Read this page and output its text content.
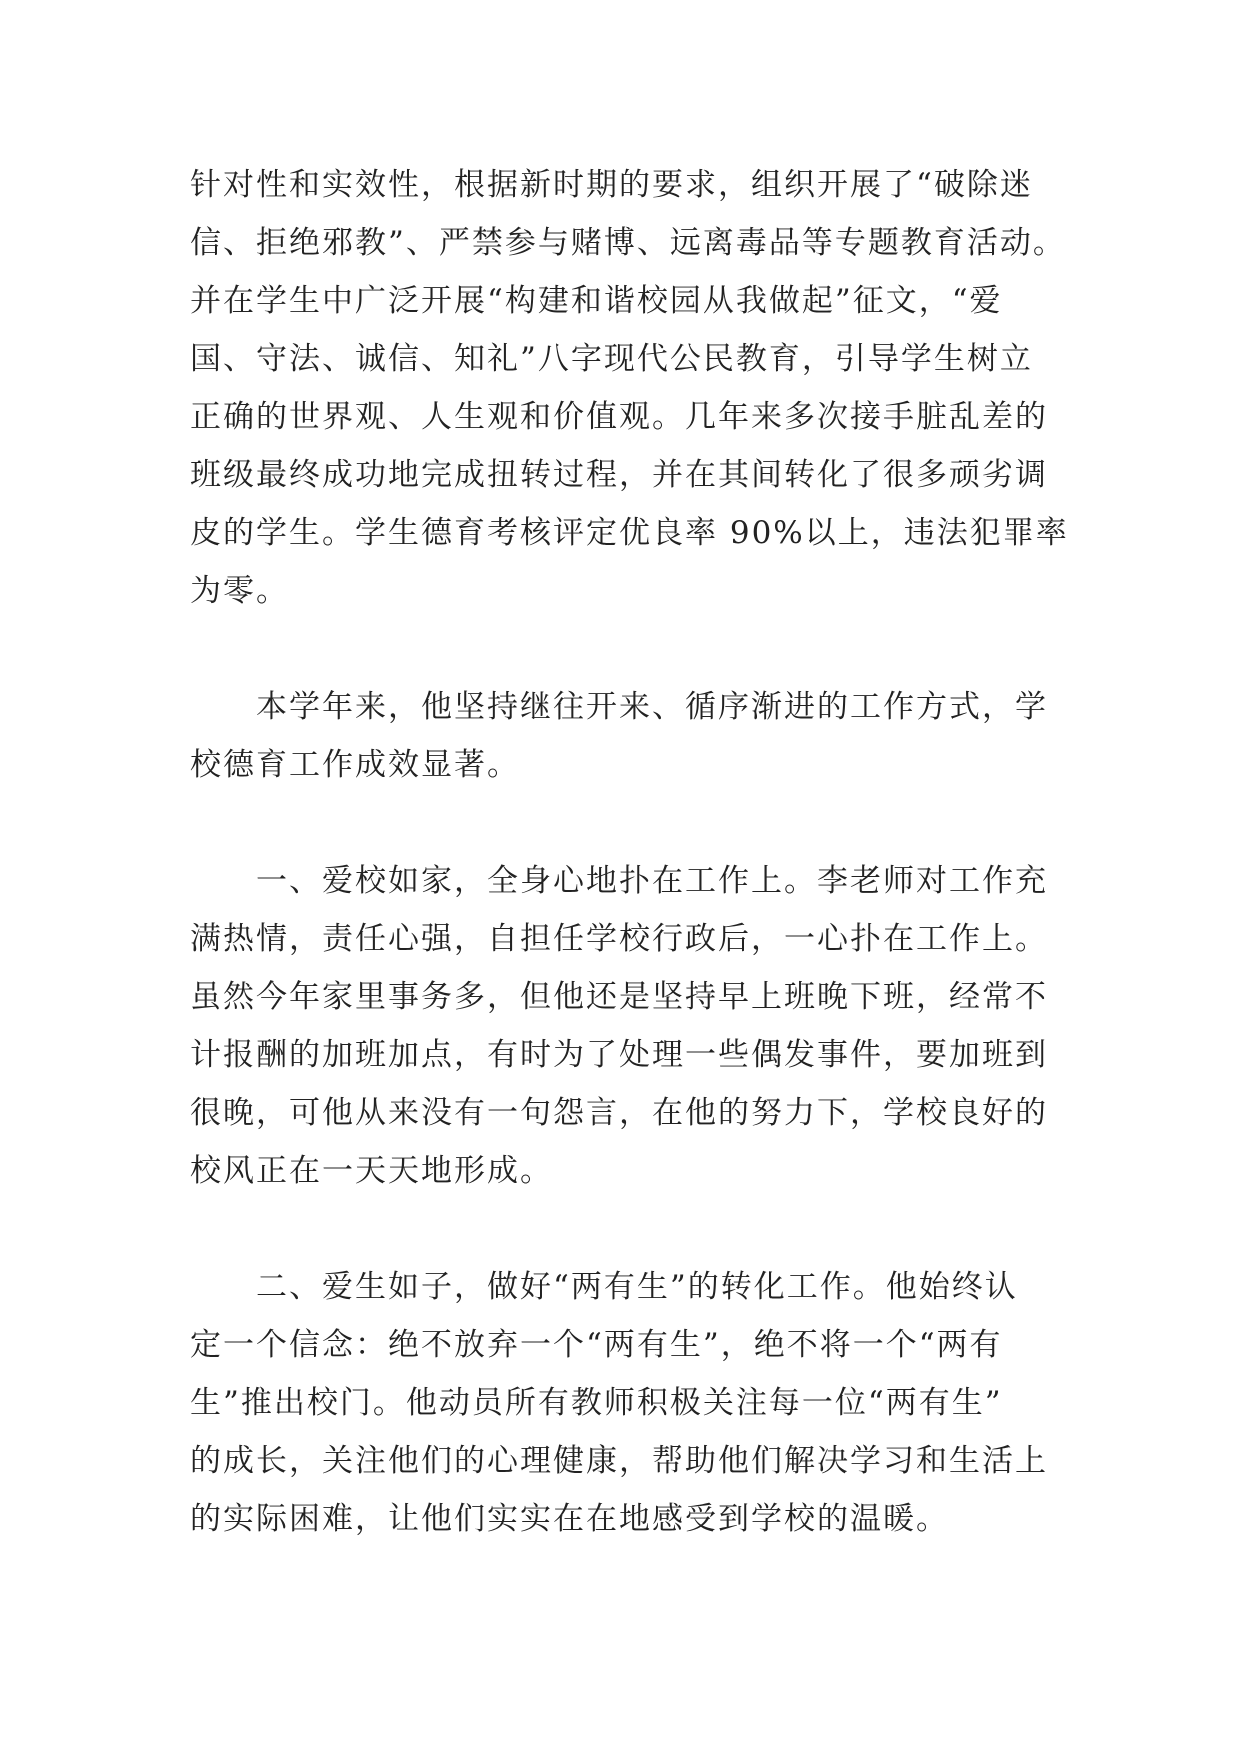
针对性和实效性，根据新时期的要求，组织开展了“破除迷
信、拒绝邪教”、严禁参与赌博、远离毒品等专题教育活动。
并在学生中广泛开展“构建和谐校园从我做起”征文，“爱
国、守法、诚信、知礼”八字现代公民教育，引导学生树立
正确的世界观、人生观和价值观。几年来多次接手脏乱差的
班级最终成功地完成扭转过程，并在其间转化了很多顽劣调
皮的学生。学生德育考核评定优良率 90%以上，违法犯罪率
为零。
　　本学年来，他坚持继往开来、循序渐进的工作方式，学
校德育工作成效显著。
　　一、爱校如家，全身心地扑在工作上。李老师对工作充
满热情，责任心强，自担任学校行政后，一心扑在工作上。
虽然今年家里事务多，但他还是坚持早上班晚下班，经常不
计报酬的加班加点，有时为了处理一些偶发事件，要加班到
很晚，可他从来没有一句怨言，在他的努力下，学校良好的
校风正在一天天地形成。
　　二、爱生如子，做好“两有生”的转化工作。他始终认
定一个信念：绝不放弃一个“两有生”，绝不将一个“两有
生”推出校门。他动员所有教师积极关注每一位“两有生”
的成长，关注他们的心理健康，帮助他们解决学习和生活上
的实际困难，让他们实实在在地感受到学校的温暖。
